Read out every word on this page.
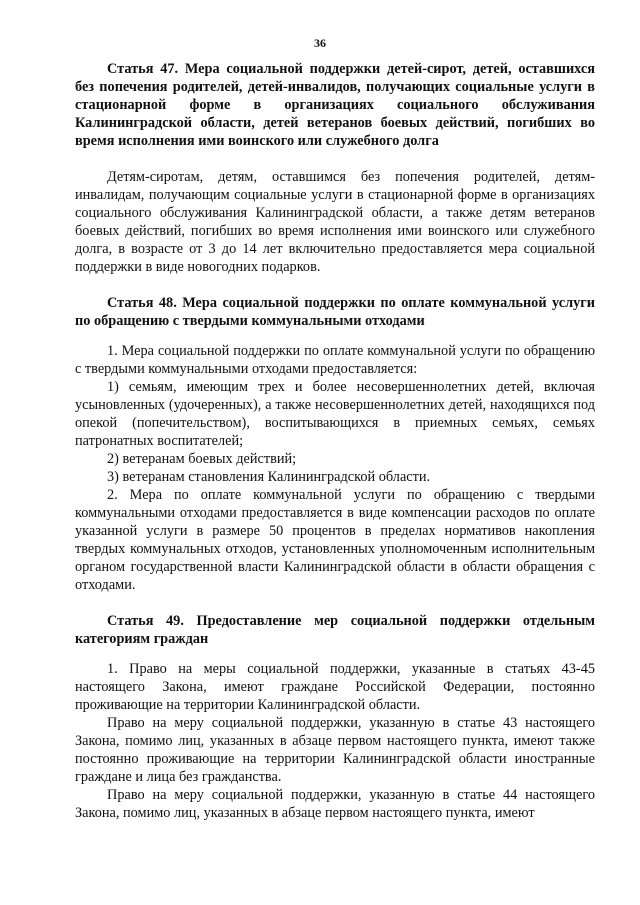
36

Статья 47. Мера социальной поддержки детей-сирот, детей, оставшихся без попечения родителей, детей-инвалидов, получающих социальные услуги в стационарной форме в организациях социального обслуживания Калининградской области, детей ветеранов боевых действий, погибших во время исполнения ими воинского или служебного долга

Детям-сиротам, детям, оставшимся без попечения родителей, детям-инвалидам, получающим социальные услуги в стационарной форме в организациях социального обслуживания Калининградской области, а также детям ветеранов боевых действий, погибших во время исполнения ими воинского или служебного долга, в возрасте от 3 до 14 лет включительно предоставляется мера социальной поддержки в виде новогодних подарков.

Статья 48. Мера социальной поддержки по оплате коммунальной услуги по обращению с твердыми коммунальными отходами

1. Мера социальной поддержки по оплате коммунальной услуги по обращению с твердыми коммунальными отходами предоставляется:

1) семьям, имеющим трех и более несовершеннолетних детей, включая усыновленных (удочеренных), а также несовершеннолетних детей, находящихся под опекой (попечительством), воспитывающихся в приемных семьях, семьях патронатных воспитателей;

2) ветеранам боевых действий;

3) ветеранам становления Калининградской области.

2. Мера по оплате коммунальной услуги по обращению с твердыми коммунальными отходами предоставляется в виде компенсации расходов по оплате указанной услуги в размере 50 процентов в пределах нормативов накопления твердых коммунальных отходов, установленных уполномоченным исполнительным органом государственной власти Калининградской области в области обращения с отходами.

Статья 49. Предоставление мер социальной поддержки отдельным категориям граждан

1. Право на меры социальной поддержки, указанные в статьях 43-45 настоящего Закона, имеют граждане Российской Федерации, постоянно проживающие на территории Калининградской области.

Право на меру социальной поддержки, указанную в статье 43 настоящего Закона, помимо лиц, указанных в абзаце первом настоящего пункта, имеют также постоянно проживающие на территории Калининградской области иностранные граждане и лица без гражданства.

Право на меру социальной поддержки, указанную в статье 44 настоящего Закона, помимо лиц, указанных в абзаце первом настоящего пункта, имеют
